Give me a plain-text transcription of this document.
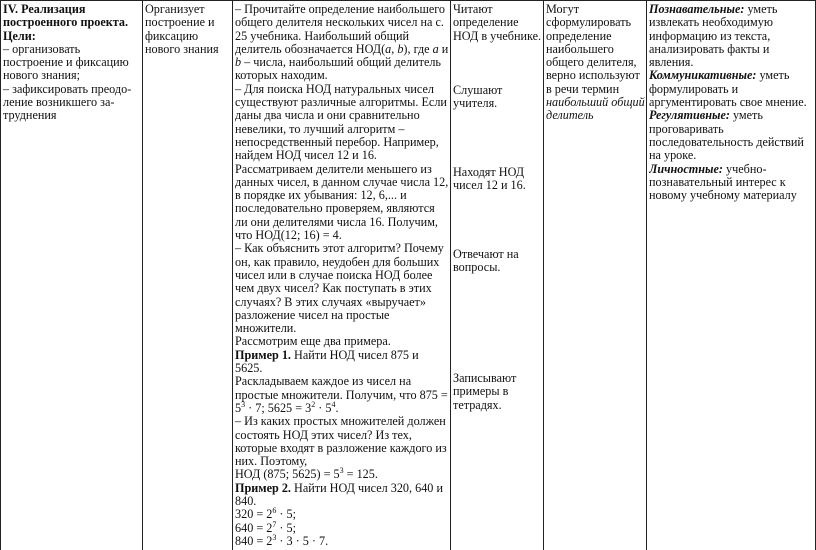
IV. Реализация построенного проекта.

Цели:

– организовать построение и фиксацию нового знания;

– зафиксировать преодо-ление возникшего за-труднения

Организует построение и фиксацию нового знания

– Прочитайте определение наибольшего общего делителя нескольких чисел на с. 25 учебника. Наибольший общий делитель обозначается НОД(a, b), где a и b – числа, наибольший общий делитель которых находим.

– Для поиска НОД натуральных чисел существуют различные алгоритмы. Если даны два числа и они сравнительно невелики, то лучший алгоритм – непосредственный перебор. Например, найдем НОД чисел 12 и 16.

Рассматриваем делители меньшего из данных чисел, в данном случае числа 12, в порядке их убывания: 12, 6,... и последовательно проверяем, являются ли они делителями числа 16. Получим, что НОД(12; 16) = 4.

– Как объяснить этот алгоритм? Почему он, как правило, неудобен для больших чисел или в случае поиска НОД более чем двух чисел? Как поступать в этих случаях? В этих случаях «выручает» разложение чисел на простые множители.

Рассмотрим еще два примера.

Пример 1. Найти НОД чисел 875 и 5625.

Раскладываем каждое из чисел на простые множители. Получим, что $875 = 5^3 \cdot 7$; $5625 = 3^2 \cdot 5^4$.

– Из каких простых множителей должен состоять НОД этих чисел? Из тех, которые входят в разложение каждого из них. Поэтому,

НОД (875; $5625) = 5^3 = 125$.

Пример 2. Найти НОД чисел 320, 640 и 840.

$320 = 2^6 \cdot 5$;

$640 = 2^7 \cdot 5$;

$840 = 2^3 \cdot 3 \cdot 5 \cdot 7$.

Читают определение НОД в учебнике.

Слушают учителя.

Находят НОД чисел 12 и 16.

Отвечают на вопросы.

Записывают примеры в тетрадях.

Могут сформулировать определение наибольшего общего делителя, верно используют в речи термин наибольший общий делитель

Познавательные: уметь извлекать необходимую информацию из текста, анализировать факты и явления.

Коммуникативные: уметь формулировать и аргументировать свое мнение.

Регулятивные: уметь проговаривать последовательность действий на уроке.

Личностные: учебно-познавательный интерес к новому учебному материалу
